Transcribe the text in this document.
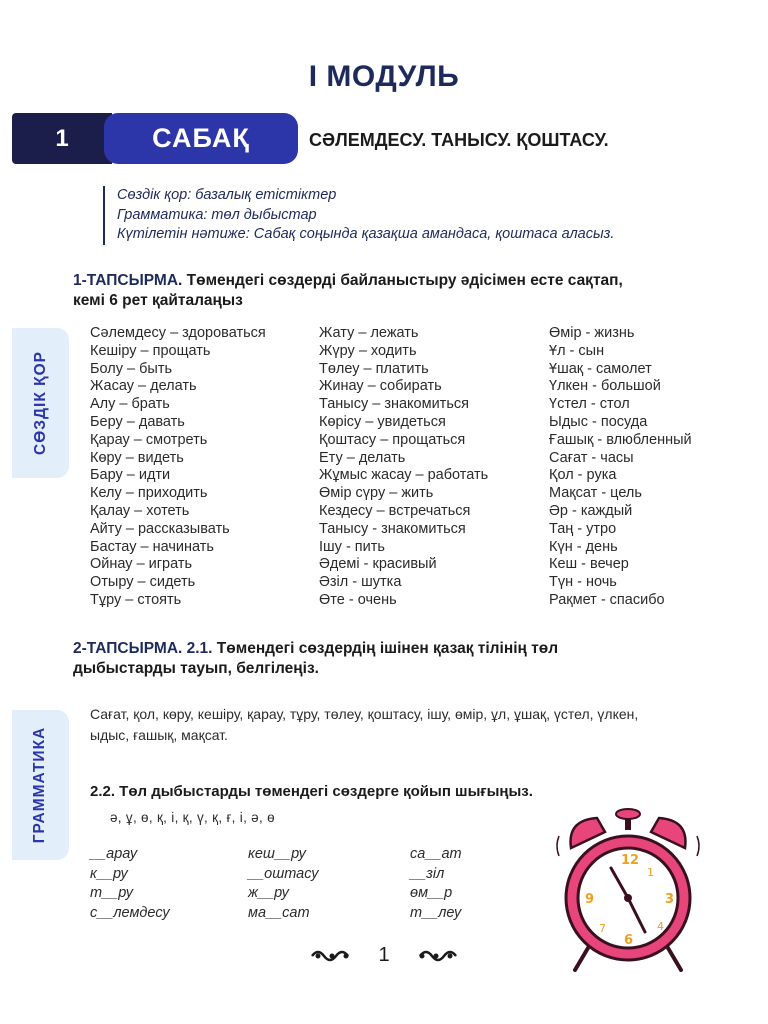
І МОДУЛЬ
1	САБАҚ	СӘЛЕМДЕСУ. ТАНЫСУ. ҚОШТАСУ.
Сөздік қор: базалық етістіктер
Грамматика: төл дыбыстар
Күтілетін нәтиже: Сабақ соңында қазақша амандаса, қоштаса аласыз.
1-ТАПСЫРМА. Төмендегі сөздерді байланыстыру әдісімен есте сақтап,
кемі 6 рет қайталаңыз
СӨЗДІК ҚОР
Сәлемдесу – здороваться
Кешіру – прощать
Болу – быть
Жасау – делать
Алу – брать
Беру – давать
Қарау – смотреть
Көру – видеть
Бару – идти
Келу – приходить
Қалау – хотеть
Айту – рассказывать
Бастау – начинать
Ойнау – играть
Отыру – сидеть
Тұру – стоять
Жату – лежать
Жүру – ходить
Төлеу – платить
Жинау – собирать
Танысу – знакомиться
Көрісу – увидеться
Қоштасу – прощаться
Ету – делать
Жұмыс жасау – работать
Өмір сүру – жить
Кездесу – встречаться
Танысу - знакомиться
Ішу - пить
Әдемі - красивый
Әзіл - шутка
Өте - очень
Өмір - жизнь
Ұл - сын
Ұшақ - самолет
Үлкен - большой
Үстел - стол
Ыдыс - посуда
Ғашық - влюбленный
Сағат - часы
Қол - рука
Мақсат - цель
Әр - каждый
Таң - утро
Күн - день
Кеш - вечер
Түн - ночь
Рақмет - спасибо
2-ТАПСЫРМА. 2.1. Төмендегі сөздердің ішінен қазақ тілінің төл
дыбыстарды тауып, белгілеңіз.
ГРАММАТИКА
Сағат, қол, көру, кешіру, қарау, тұру, төлеу, қоштасу, ішу, өмір, ұл, ұшақ, үстел, үлкен, ыдыс, ғашық, мақсат.
2.2. Төл дыбыстарды төмендегі сөздерге қойып шығыңыз.
ә, ұ, ө, қ, і, қ, ү, қ, ғ, і, ә, ө
__арау
к__ру
т__ру
с__лемдесу
кеш__ру
__оштасу
ж__ру
ма__сат
са__ат
__зіл
өм__р
т__леу
12
3
6
9
1
4
7
1
